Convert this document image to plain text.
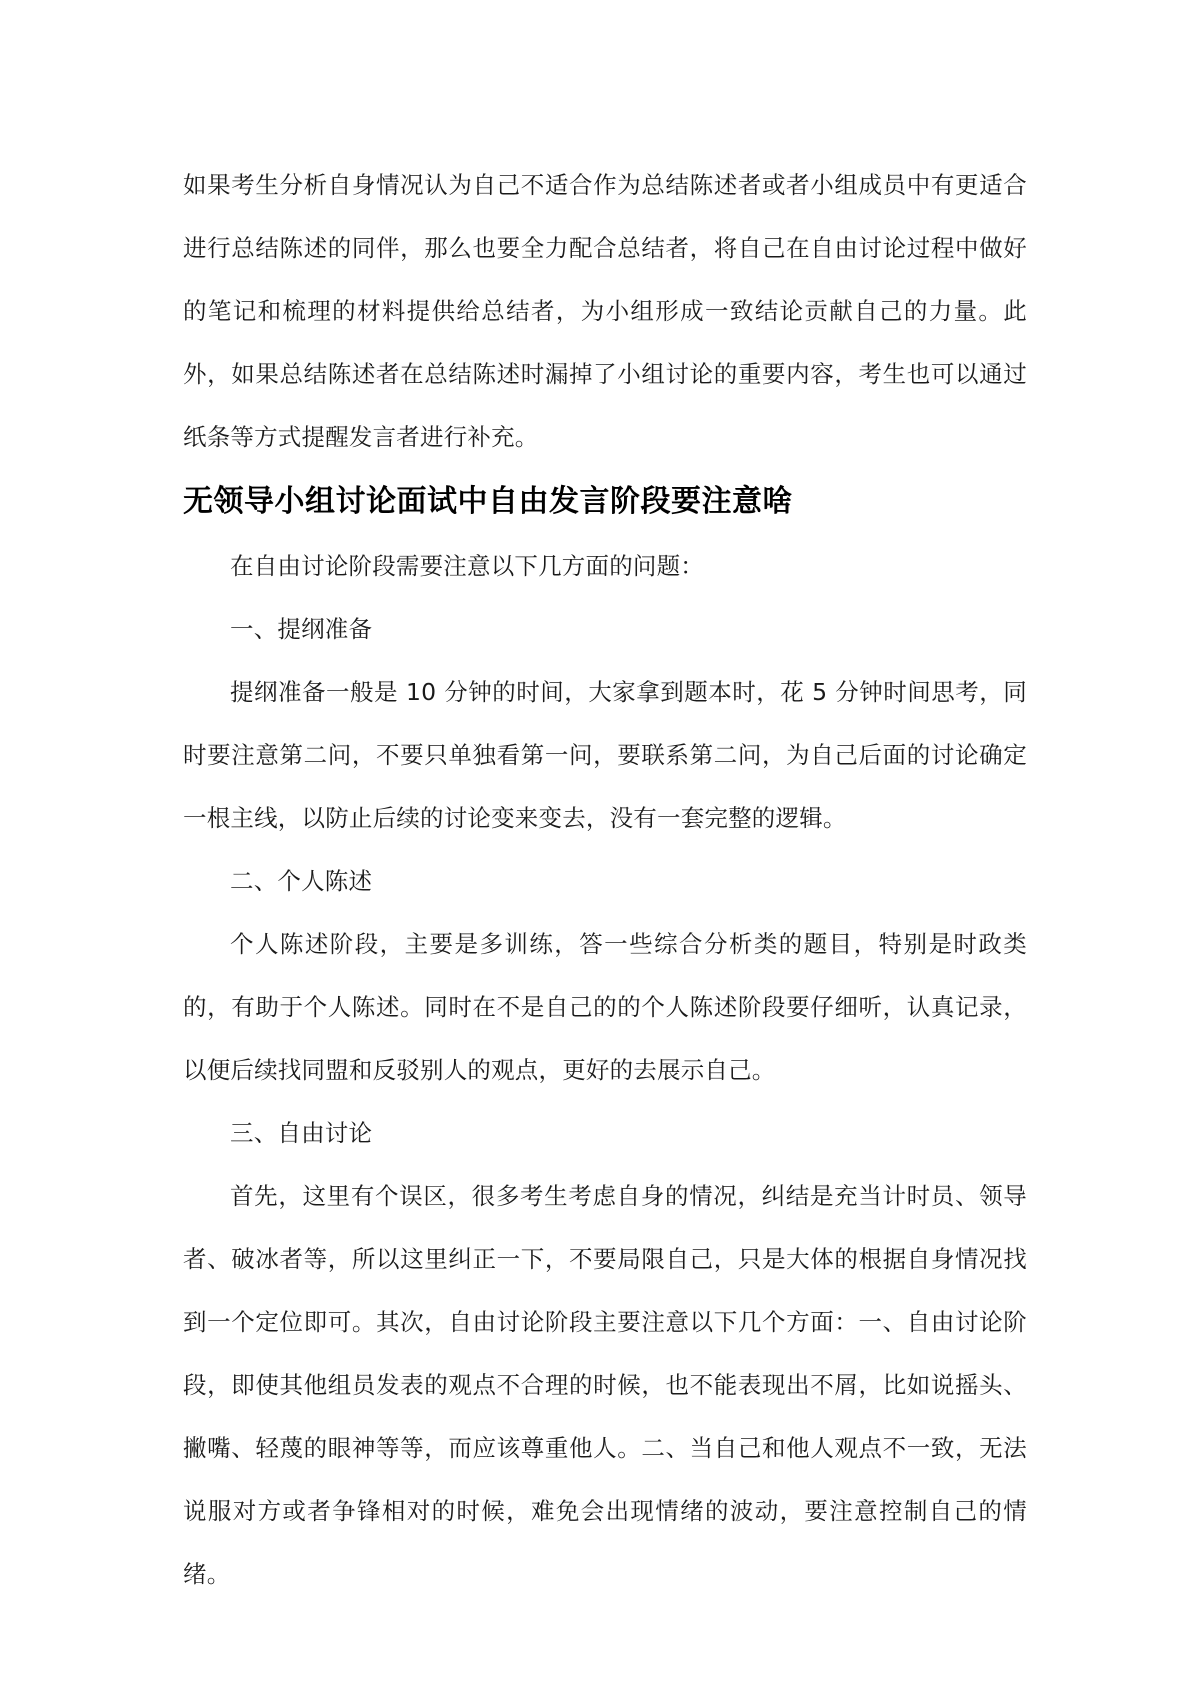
如果考生分析自身情况认为自己不适合作为总结陈述者或者小组成员中有更适合进行总结陈述的同伴，那么也要全力配合总结者，将自己在自由讨论过程中做好的笔记和梳理的材料提供给总结者，为小组形成一致结论贡献自己的力量。此外，如果总结陈述者在总结陈述时漏掉了小组讨论的重要内容，考生也可以通过纸条等方式提醒发言者进行补充。

无领导小组讨论面试中自由发言阶段要注意啥

在自由讨论阶段需要注意以下几方面的问题：

一、提纲准备

提纲准备一般是 10 分钟的时间，大家拿到题本时，花 5 分钟时间思考，同时要注意第二问，不要只单独看第一问，要联系第二问，为自己后面的讨论确定一根主线，以防止后续的讨论变来变去，没有一套完整的逻辑。

二、个人陈述

个人陈述阶段，主要是多训练，答一些综合分析类的题目，特别是时政类的，有助于个人陈述。同时在不是自己的的个人陈述阶段要仔细听，认真记录，以便后续找同盟和反驳别人的观点，更好的去展示自己。

三、自由讨论

首先，这里有个误区，很多考生考虑自身的情况，纠结是充当计时员、领导者、破冰者等，所以这里纠正一下，不要局限自己，只是大体的根据自身情况找到一个定位即可。其次，自由讨论阶段主要注意以下几个方面：一、自由讨论阶段，即使其他组员发表的观点不合理的时候，也不能表现出不屑，比如说摇头、撇嘴、轻蔑的眼神等等，而应该尊重他人。二、当自己和他人观点不一致，无法说服对方或者争锋相对的时候，难免会出现情绪的波动，要注意控制自己的情绪。
